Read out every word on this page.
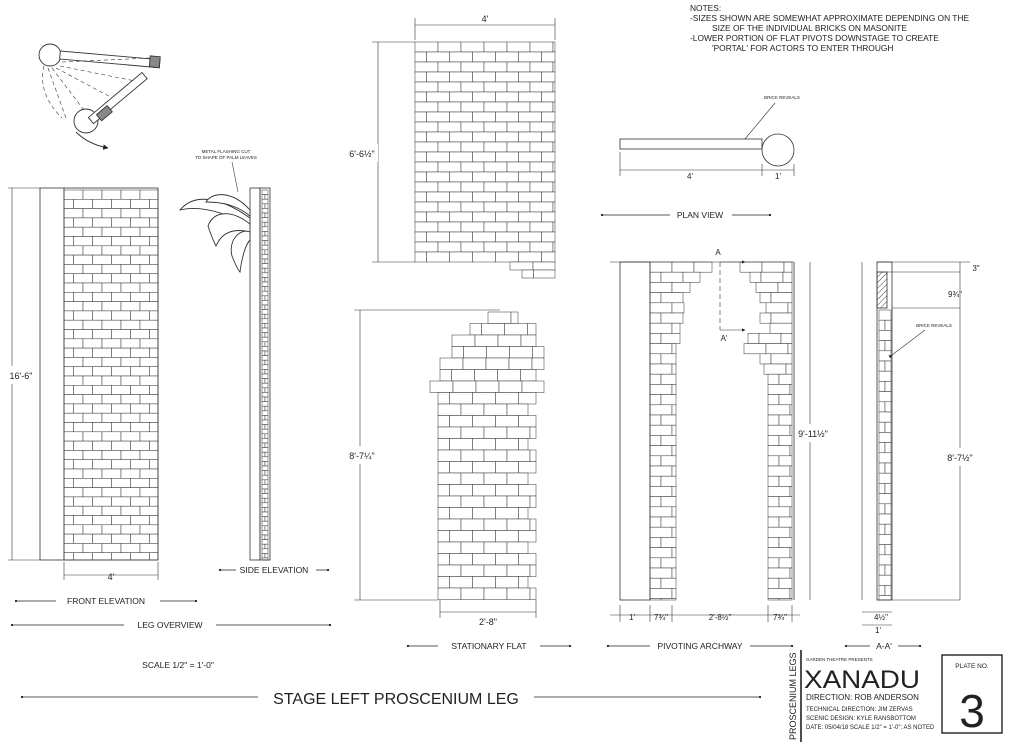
16'-6"
4'
METAL FLASHING CUT
TO SHAPE OF PALM LEAVES
4'
6'-6½"
8'-7¼"
2'-8"
BRICK REVEALS
4'	1'
A
A'
9'-11½"
1' 7¾"	2'-8½"	7¾"
BRICK REVEALS
3"
9¾"
8'-7½"
4½"
1'
FRONT ELEVATION
LEG OVERVIEW
SIDE ELEVATION
STATIONARY FLAT	PIVOTING ARCHWAY
PLAN VIEW
A-A'
SCALE 1/2" = 1'-0"
STAGE LEFT PROSCENIUM LEG	PROSCENIUM LEGS GARDEN THEATRE PRESENTS
XANADU
DIRECTION: ROB ANDERSON
TECHNICAL DIRECTION: JIM ZERVAS
SCENIC DESIGN: KYLE RANSBOTTOM
DATE: 05/04/18 SCALE 1/2" = 1'-0"; AS NOTED
PLATE NO.
3
NOTES:
-SIZES SHOWN ARE SOMEWHAT APPROXIMATE DEPENDING ON THE
SIZE OF THE INDIVIDUAL BRICKS ON MASONITE
-LOWER PORTION OF FLAT PIVOTS DOWNSTAGE TO CREATE
'PORTAL' FOR ACTORS TO ENTER THROUGH
